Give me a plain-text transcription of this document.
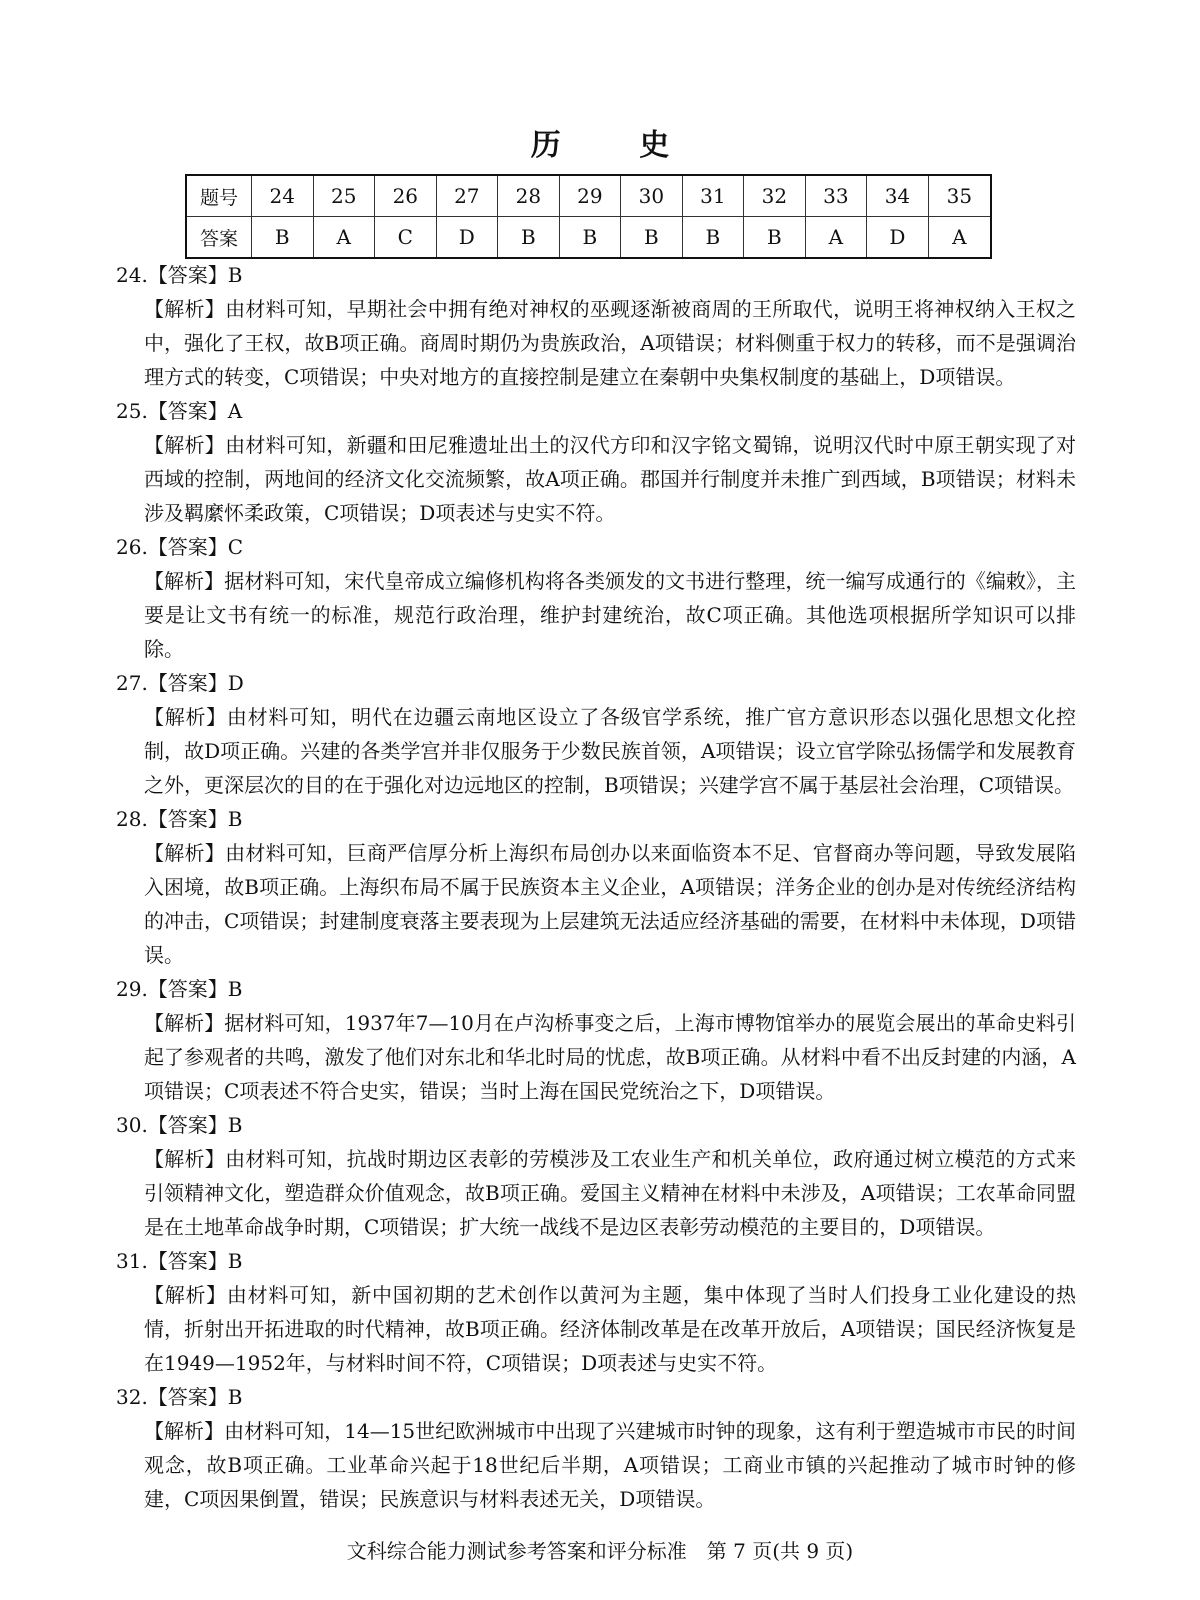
历 史
题号	24	25	26	27	28	29	30	31	32	33	34	35
答案	B	A	C	D	B	B	B	B	B	A	D	A

24.【答案】B

【解析】由材料可知，早期社会中拥有绝对神权的巫觋逐渐被商周的王所取代，说明王将神权纳入王权之中，强化了王权，故B项正确。商周时期仍为贵族政治，A项错误；材料侧重于权力的转移，而不是强调治理方式的转变，C项错误；中央对地方的直接控制是建立在秦朝中央集权制度的基础上，D项错误。

25.【答案】A

【解析】由材料可知，新疆和田尼雅遗址出土的汉代方印和汉字铭文蜀锦，说明汉代时中原王朝实现了对西域的控制，两地间的经济文化交流频繁，故A项正确。郡国并行制度并未推广到西域，B项错误；材料未涉及羁縻怀柔政策，C项错误；D项表述与史实不符。

26.【答案】C

【解析】据材料可知，宋代皇帝成立编修机构将各类颁发的文书进行整理，统一编写成通行的《编敕》，主要是让文书有统一的标准，规范行政治理，维护封建统治，故C项正确。其他选项根据所学知识可以排除。

27.【答案】D

【解析】由材料可知，明代在边疆云南地区设立了各级官学系统，推广官方意识形态以强化思想文化控制，故D项正确。兴建的各类学宫并非仅服务于少数民族首领，A项错误；设立官学除弘扬儒学和发展教育之外，更深层次的目的在于强化对边远地区的控制，B项错误；兴建学宫不属于基层社会治理，C项错误。

28.【答案】B

【解析】由材料可知，巨商严信厚分析上海织布局创办以来面临资本不足、官督商办等问题，导致发展陷入困境，故B项正确。上海织布局不属于民族资本主义企业，A项错误；洋务企业的创办是对传统经济结构的冲击，C项错误；封建制度衰落主要表现为上层建筑无法适应经济基础的需要，在材料中未体现，D项错误。

29.【答案】B

【解析】据材料可知，1937年7—10月在卢沟桥事变之后，上海市博物馆举办的展览会展出的革命史料引起了参观者的共鸣，激发了他们对东北和华北时局的忧虑，故B项正确。从材料中看不出反封建的内涵，A项错误；C项表述不符合史实，错误；当时上海在国民党统治之下，D项错误。

30.【答案】B

【解析】由材料可知，抗战时期边区表彰的劳模涉及工农业生产和机关单位，政府通过树立模范的方式来引领精神文化，塑造群众价值观念，故B项正确。爱国主义精神在材料中未涉及，A项错误；工农革命同盟是在土地革命战争时期，C项错误；扩大统一战线不是边区表彰劳动模范的主要目的，D项错误。

31.【答案】B

【解析】由材料可知，新中国初期的艺术创作以黄河为主题，集中体现了当时人们投身工业化建设的热情，折射出开拓进取的时代精神，故B项正确。经济体制改革是在改革开放后，A项错误；国民经济恢复是在1949—1952年，与材料时间不符，C项错误；D项表述与史实不符。

32.【答案】B

【解析】由材料可知，14—15世纪欧洲城市中出现了兴建城市时钟的现象，这有利于塑造城市市民的时间观念，故B项正确。工业革命兴起于18世纪后半期，A项错误；工商业市镇的兴起推动了城市时钟的修建，C项因果倒置，错误；民族意识与材料表述无关，D项错误。

文科综合能力测试参考答案和评分标准　第 7 页(共 9 页)
